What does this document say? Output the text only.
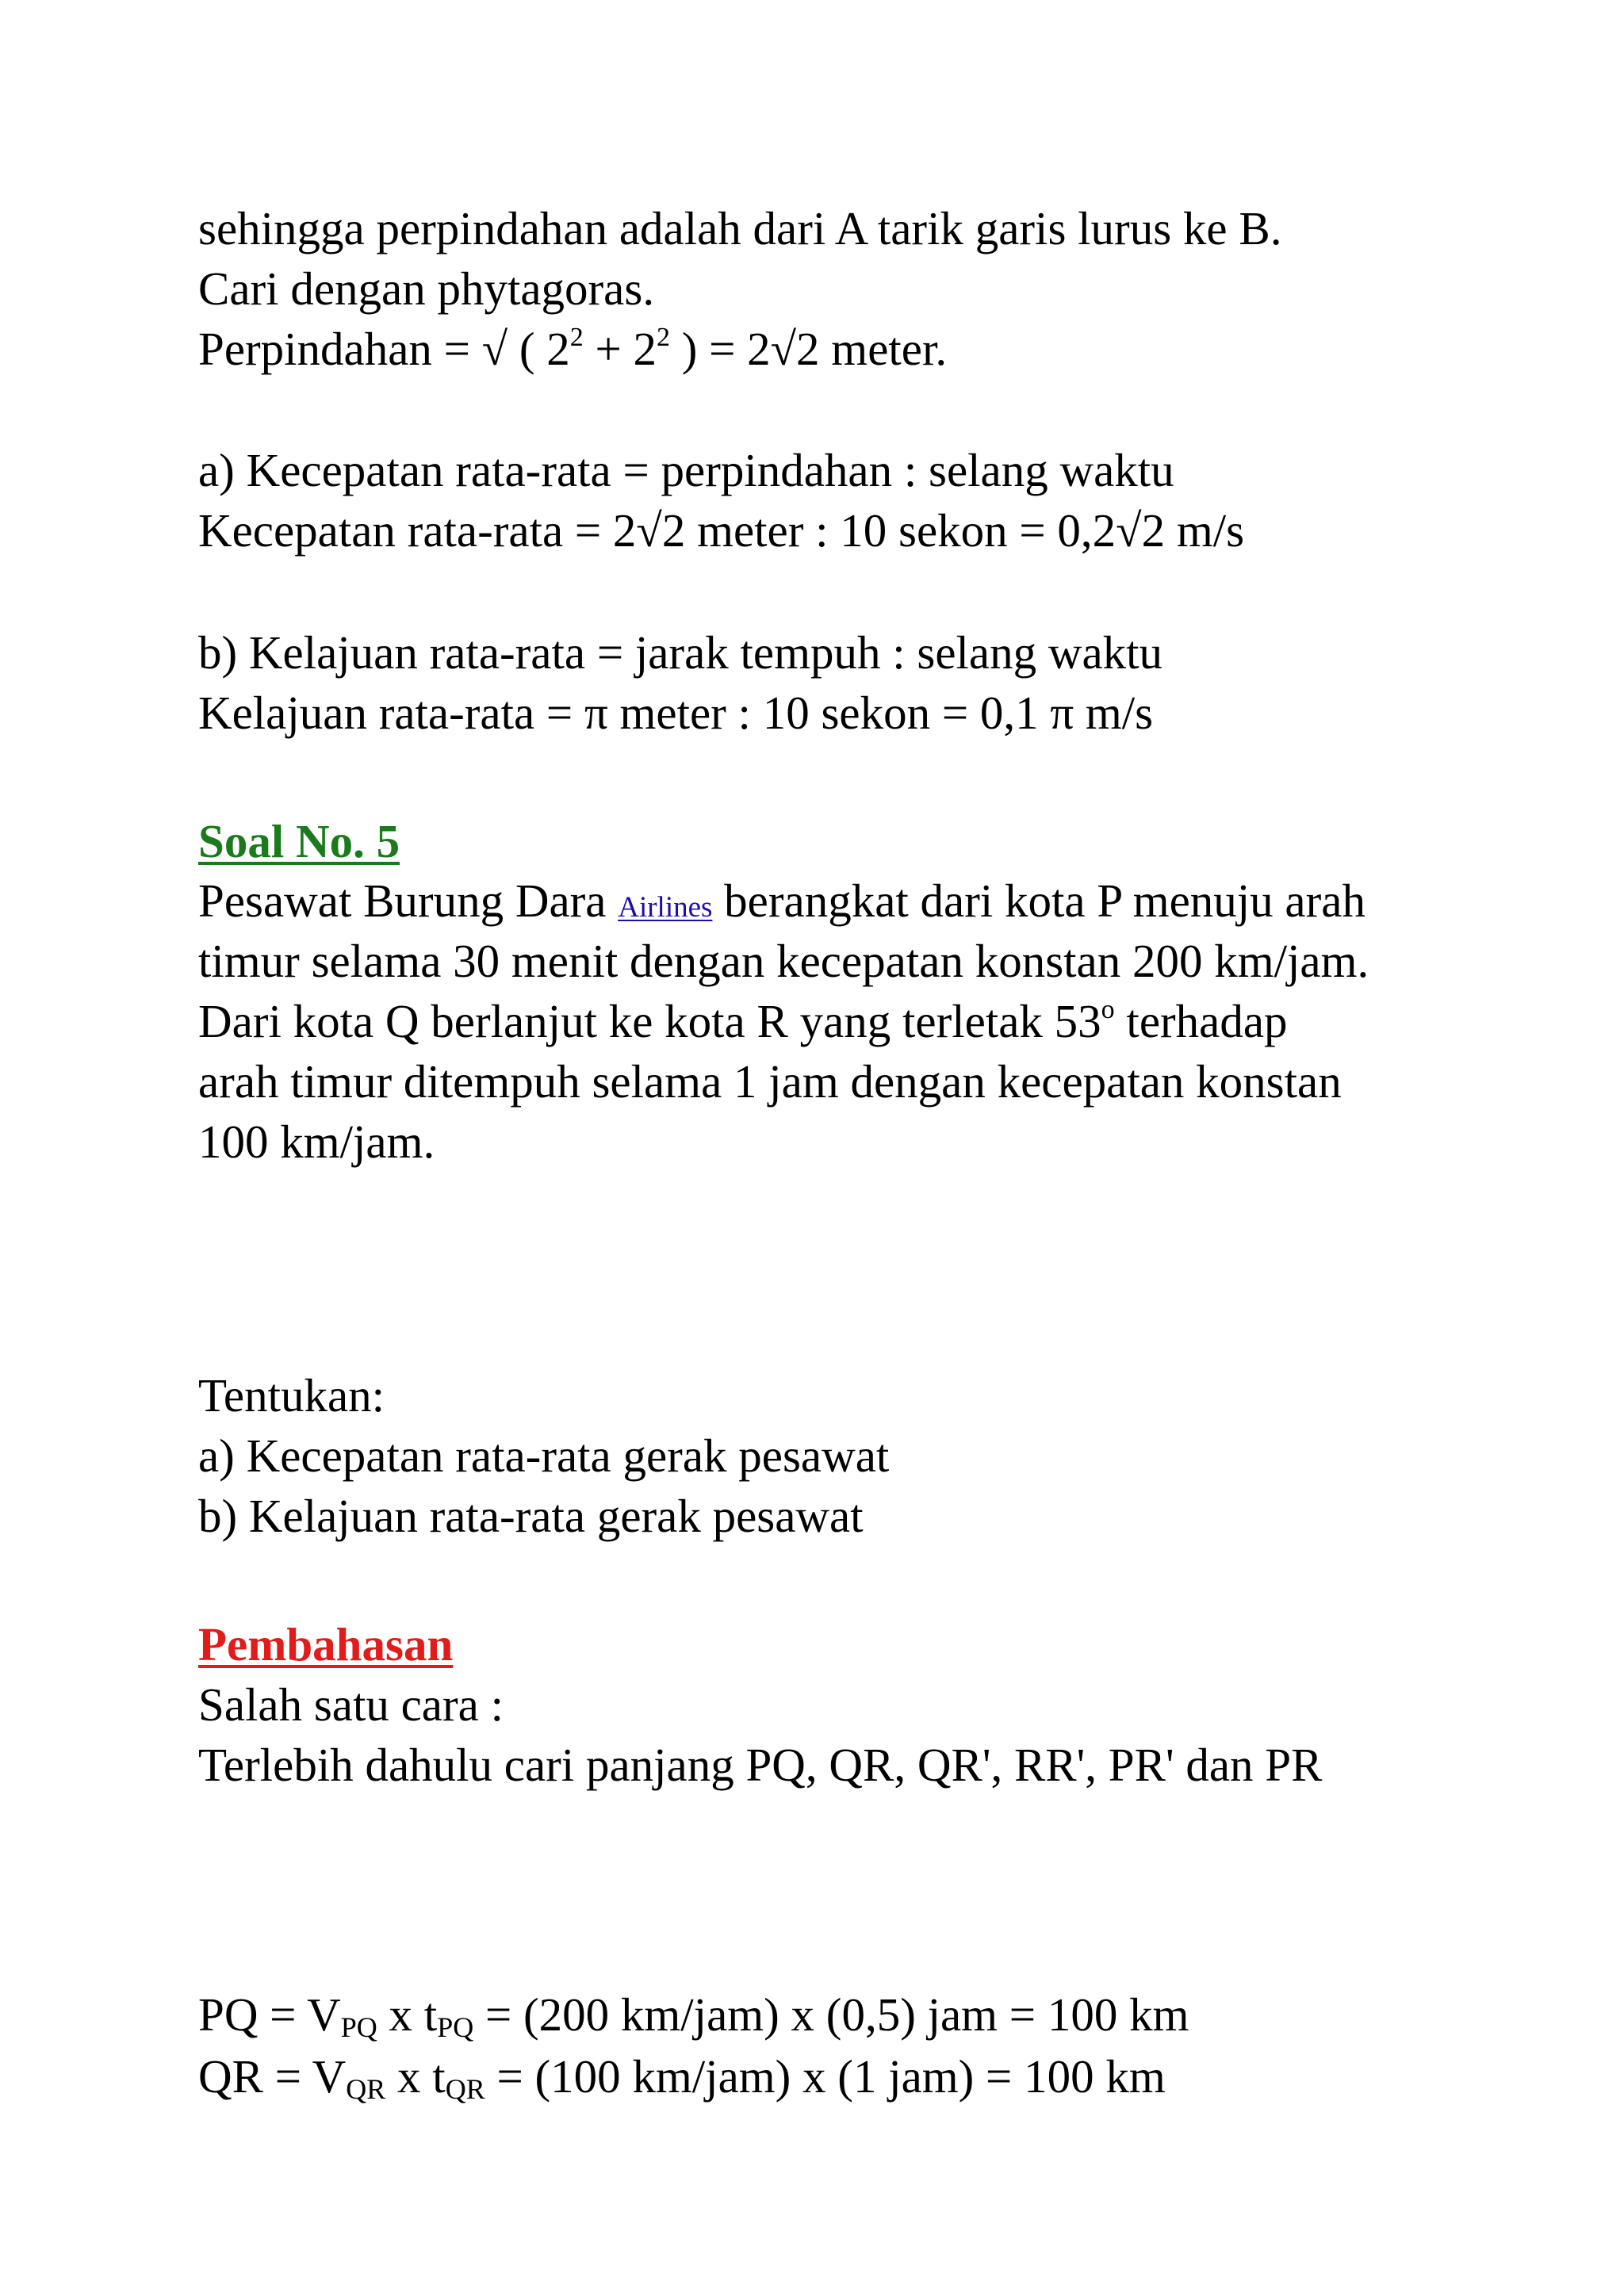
sehingga perpindahan adalah dari A tarik garis lurus ke B.

Cari dengan phytagoras.

Perpindahan = √ ( $2^2 + 2^2$ ) = 2√2 meter.

a) Kecepatan rata-rata = perpindahan : selang waktu

Kecepatan rata-rata = 2√2 meter : 10 sekon = 0,2√2 m/s

b) Kelajuan rata-rata = jarak tempuh : selang waktu

Kelajuan rata-rata = π meter : 10 sekon = 0,1 π m/s

Soal No. 5

Pesawat Burung Dara Airlines berangkat dari kota P menuju arah

timur selama 30 menit dengan kecepatan konstan 200 km/jam.

Dari kota Q berlanjut ke kota R yang terletak 53$^o$ terhadap

arah timur ditempuh selama 1 jam dengan kecepatan konstan

100 km/jam.

Tentukan:

a) Kecepatan rata-rata gerak pesawat

b) Kelajuan rata-rata gerak pesawat

Pembahasan

Salah satu cara :

Terlebih dahulu cari panjang PQ, QR, QR', RR', PR' dan PR

PQ = $V_{PQ}$ x $t_{PQ} = (200$ km/jam) x (0,5) jam = 100 km

QR = $V_{QR}$ x $t_{QR} = (100$ km/jam) x (1 jam) = 100 km
